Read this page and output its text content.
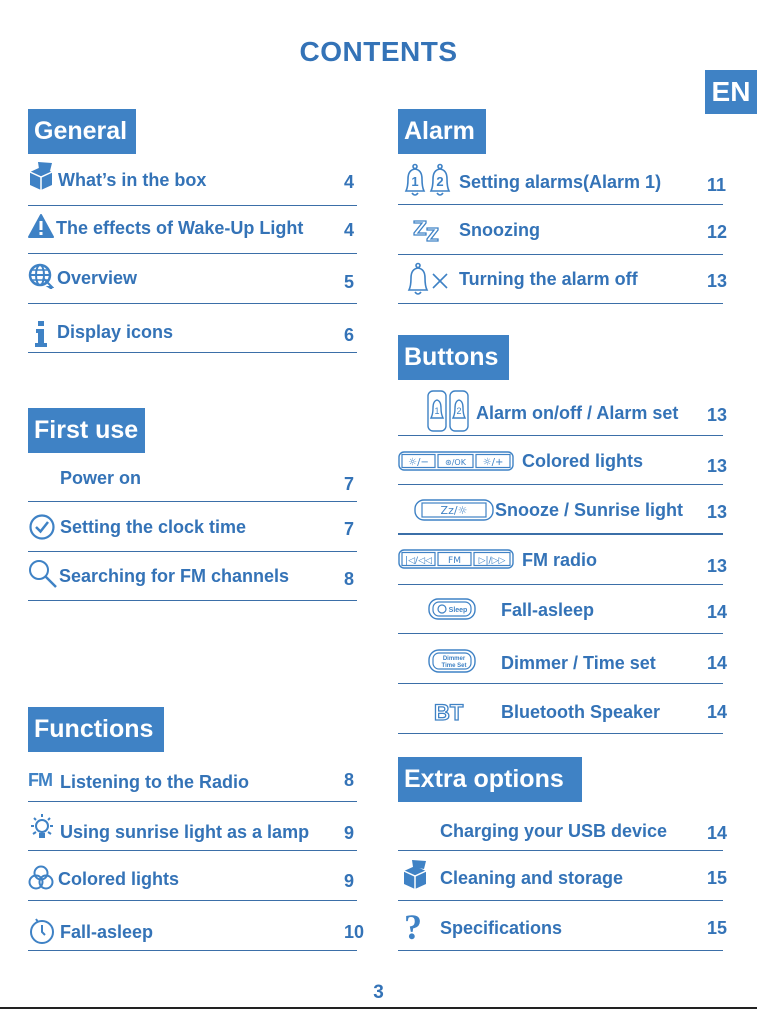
CONTENTS
EN
General
What’s in the box	4
The effects of Wake-Up Light 4
Overview	5
Display icons	6
First use
Power on	7
Setting the clock time	7
Searching for FM channels	8
Functions
FM Listening to the Radio	8
Using sunrise light as a lamp 9
Colored lights	9
Fall-asleep	10
Alarm
1 2 Setting alarms(Alarm 1)	11
Snoozing	12
Turning the alarm off	13
Buttons
1 2 Alarm on/off / Alarm set 13
☼/− ⊛/OK ☼/+ Colored lights	13
Zz/☼ Snooze / Sunrise light 13
|◁/◁◁ FM ▷|/▷▷ FM radio	13
Sleep Fall-asleep	14
Dimmer
Time Set Dimmer / Time set	14
BT Bluetooth Speaker	14
Extra options
Charging your USB device 14
Cleaning and storage	15
? Specifications	15
3
